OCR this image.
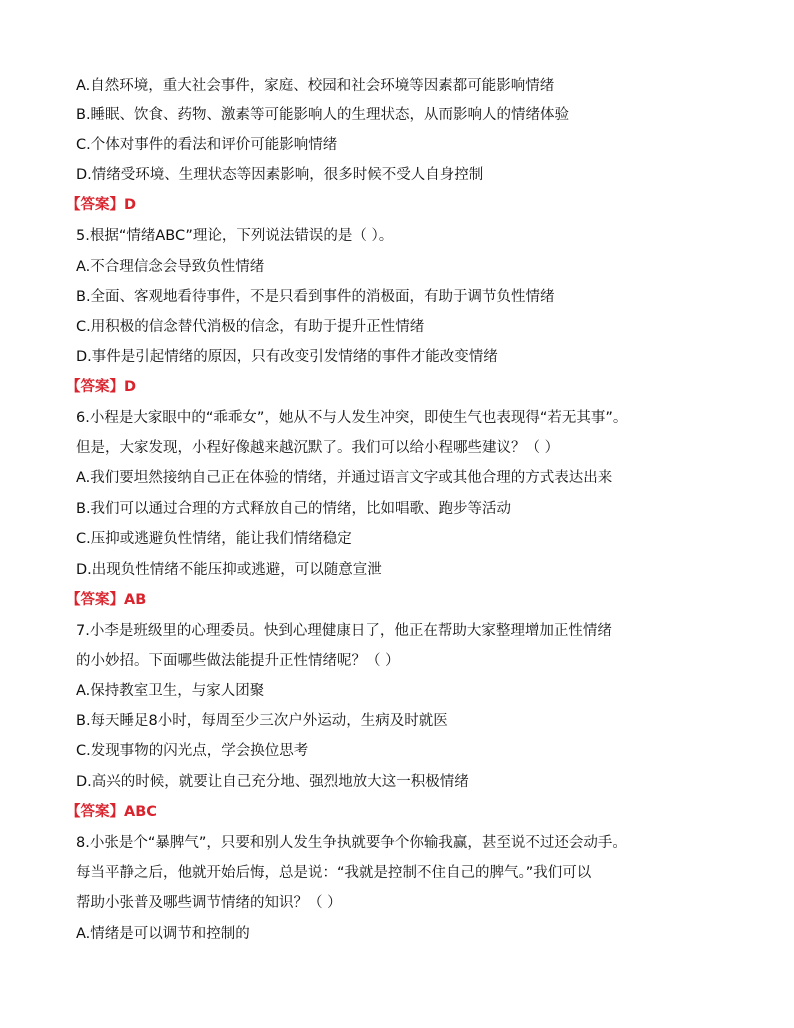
A.自然环境，重大社会事件，家庭、校园和社会环境等因素都可能影响情绪
B.睡眠、饮食、药物、激素等可能影响人的生理状态，从而影响人的情绪体验
C.个体对事件的看法和评价可能影响情绪
D.情绪受环境、生理状态等因素影响，很多时候不受人自身控制
【答案】D
5.根据“情绪ABC”理论，下列说法错误的是（ ）。
A.不合理信念会导致负性情绪
B.全面、客观地看待事件，不是只看到事件的消极面，有助于调节负性情绪
C.用积极的信念替代消极的信念，有助于提升正性情绪
D.事件是引起情绪的原因，只有改变引发情绪的事件才能改变情绪
【答案】D
6.小程是大家眼中的“乖乖女”，她从不与人发生冲突，即使生气也表现得“若无其事”。
但是，大家发现，小程好像越来越沉默了。我们可以给小程哪些建议？（ ）
A.我们要坦然接纳自己正在体验的情绪，并通过语言文字或其他合理的方式表达出来
B.我们可以通过合理的方式释放自己的情绪，比如唱歌、跑步等活动
C.压抑或逃避负性情绪，能让我们情绪稳定
D.出现负性情绪不能压抑或逃避，可以随意宣泄
【答案】AB
7.小李是班级里的心理委员。快到心理健康日了，他正在帮助大家整理增加正性情绪
的小妙招。下面哪些做法能提升正性情绪呢？（ ）
A.保持教室卫生，与家人团聚
B.每天睡足8小时，每周至少三次户外运动，生病及时就医
C.发现事物的闪光点，学会换位思考
D.高兴的时候，就要让自己充分地、强烈地放大这一积极情绪
【答案】ABC
8.小张是个“暴脾气”，只要和别人发生争执就要争个你输我赢，甚至说不过还会动手。
每当平静之后，他就开始后悔，总是说：“我就是控制不住自己的脾气。”我们可以
帮助小张普及哪些调节情绪的知识？（ ）
A.情绪是可以调节和控制的
